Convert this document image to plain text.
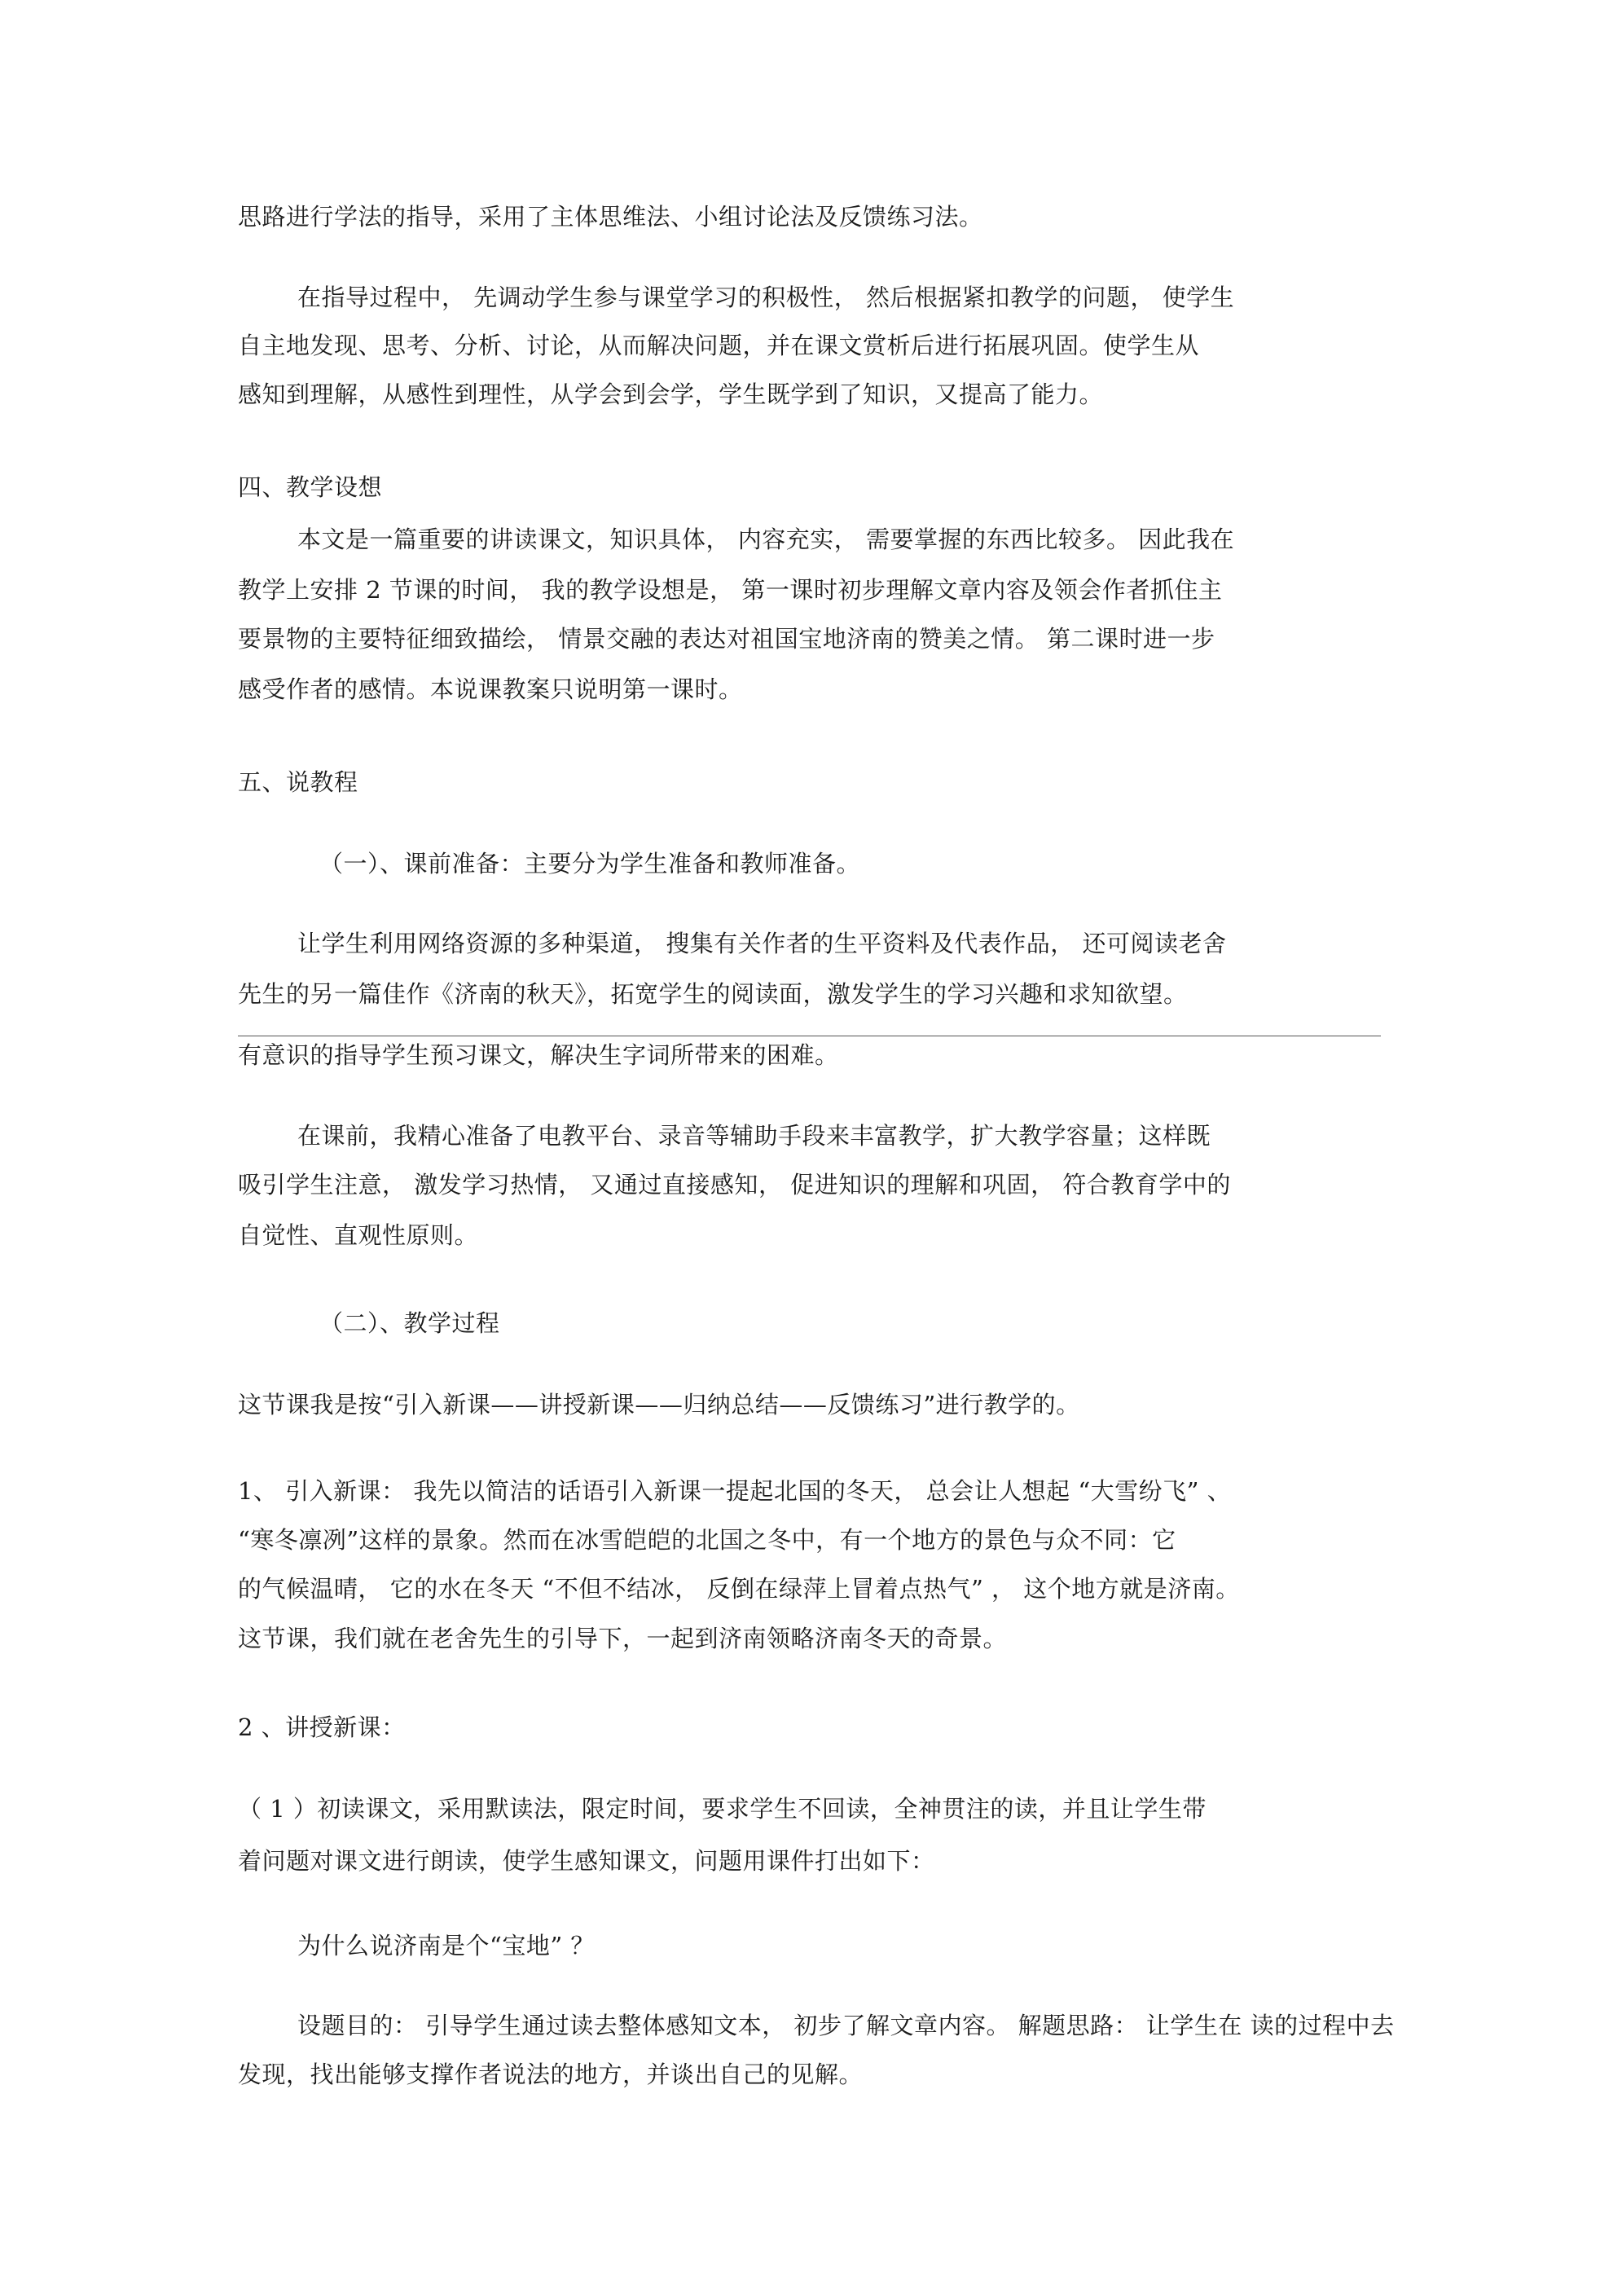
思路进行学法的指导，采用了主体思维法、小组讨论法及反馈练习法。
在指导过程中， 先调动学生参与课堂学习的积极性， 然后根据紧扣教学的问题， 使学生
自主地发现、思考、分析、讨论，从而解决问题，并在课文赏析后进行拓展巩固。使学生从
感知到理解，从感性到理性，从学会到会学，学生既学到了知识，又提高了能力。
四、教学设想
本文是一篇重要的讲读课文，知识具体， 内容充实， 需要掌握的东西比较多。 因此我在
教学上安排 2 节课的时间， 我的教学设想是， 第一课时初步理解文章内容及领会作者抓住主
要景物的主要特征细致描绘， 情景交融的表达对祖国宝地济南的赞美之情。 第二课时进一步
感受作者的感情。本说课教案只说明第一课时。
五、说教程
（一）、课前准备：主要分为学生准备和教师准备。
让学生利用网络资源的多种渠道， 搜集有关作者的生平资料及代表作品， 还可阅读老舍
先生的另一篇佳作《济南的秋天》，拓宽学生的阅读面，激发学生的学习兴趣和求知欲望。
有意识的指导学生预习课文，解决生字词所带来的困难。
在课前，我精心准备了电教平台、录音等辅助手段来丰富教学，扩大教学容量；这样既
吸引学生注意， 激发学习热情， 又通过直接感知， 促进知识的理解和巩固， 符合教育学中的
自觉性、直观性原则。
（二）、教学过程
这节课我是按“引入新课——讲授新课——归纳总结——反馈练习”进行教学的。
1、 引入新课： 我先以简洁的话语引入新课一提起北国的冬天， 总会让人想起 “大雪纷飞” 、
“寒冬凛冽”这样的景象。然而在冰雪皑皑的北国之冬中，有一个地方的景色与众不同：它
的气候温晴， 它的水在冬天 “不但不结冰， 反倒在绿萍上冒着点热气” ， 这个地方就是济南。
这节课，我们就在老舍先生的引导下，一起到济南领略济南冬天的奇景。
2 、讲授新课：
（ 1 ）初读课文，采用默读法，限定时间，要求学生不回读，全神贯注的读，并且让学生带
着问题对课文进行朗读，使学生感知课文，问题用课件打出如下：
为什么说济南是个“宝地” ？
设题目的： 引导学生通过读去整体感知文本， 初步了解文章内容。 解题思路： 让学生在 读的过程中去
发现，找出能够支撑作者说法的地方，并谈出自己的见解。
